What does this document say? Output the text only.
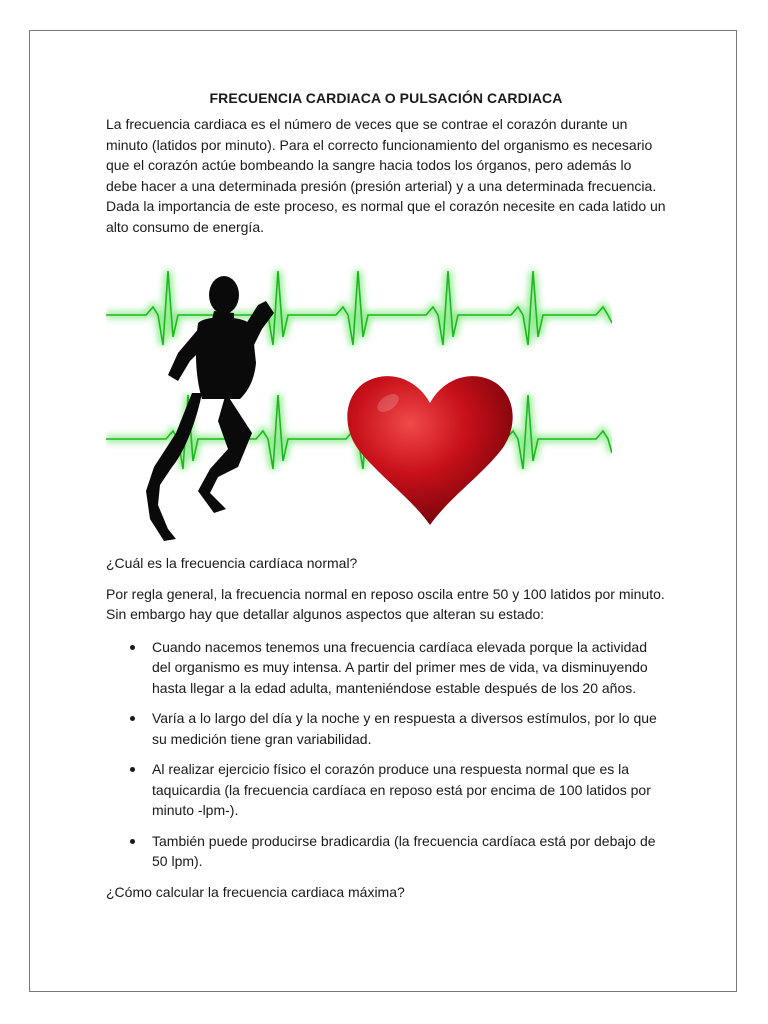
FRECUENCIA CARDIACA O PULSACIÓN CARDIACA

La frecuencia cardiaca es el número de veces que se contrae el corazón durante un minuto (latidos por minuto). Para el correcto funcionamiento del organismo es necesario que el corazón actúe bombeando la sangre hacia todos los órganos, pero además lo debe hacer a una determinada presión (presión arterial) y a una determinada frecuencia. Dada la importancia de este proceso, es normal que el corazón necesite en cada latido un alto consumo de energía.

¿Cuál es la frecuencia cardíaca normal?

Por regla general, la frecuencia normal en reposo oscila entre 50 y 100 latidos por minuto. Sin embargo hay que detallar algunos aspectos que alteran su estado:

Cuando nacemos tenemos una frecuencia cardíaca elevada porque la actividad del organismo es muy intensa. A partir del primer mes de vida, va disminuyendo hasta llegar a la edad adulta, manteniéndose estable después de los 20 años.
Varía a lo largo del día y la noche y en respuesta a diversos estímulos, por lo que su medición tiene gran variabilidad.
Al realizar ejercicio físico el corazón produce una respuesta normal que es la taquicardia (la frecuencia cardíaca en reposo está por encima de 100 latidos por minuto -lpm-).
También puede producirse bradicardia (la frecuencia cardíaca está por debajo de 50 lpm).

¿Cómo calcular la frecuencia cardiaca máxima?
